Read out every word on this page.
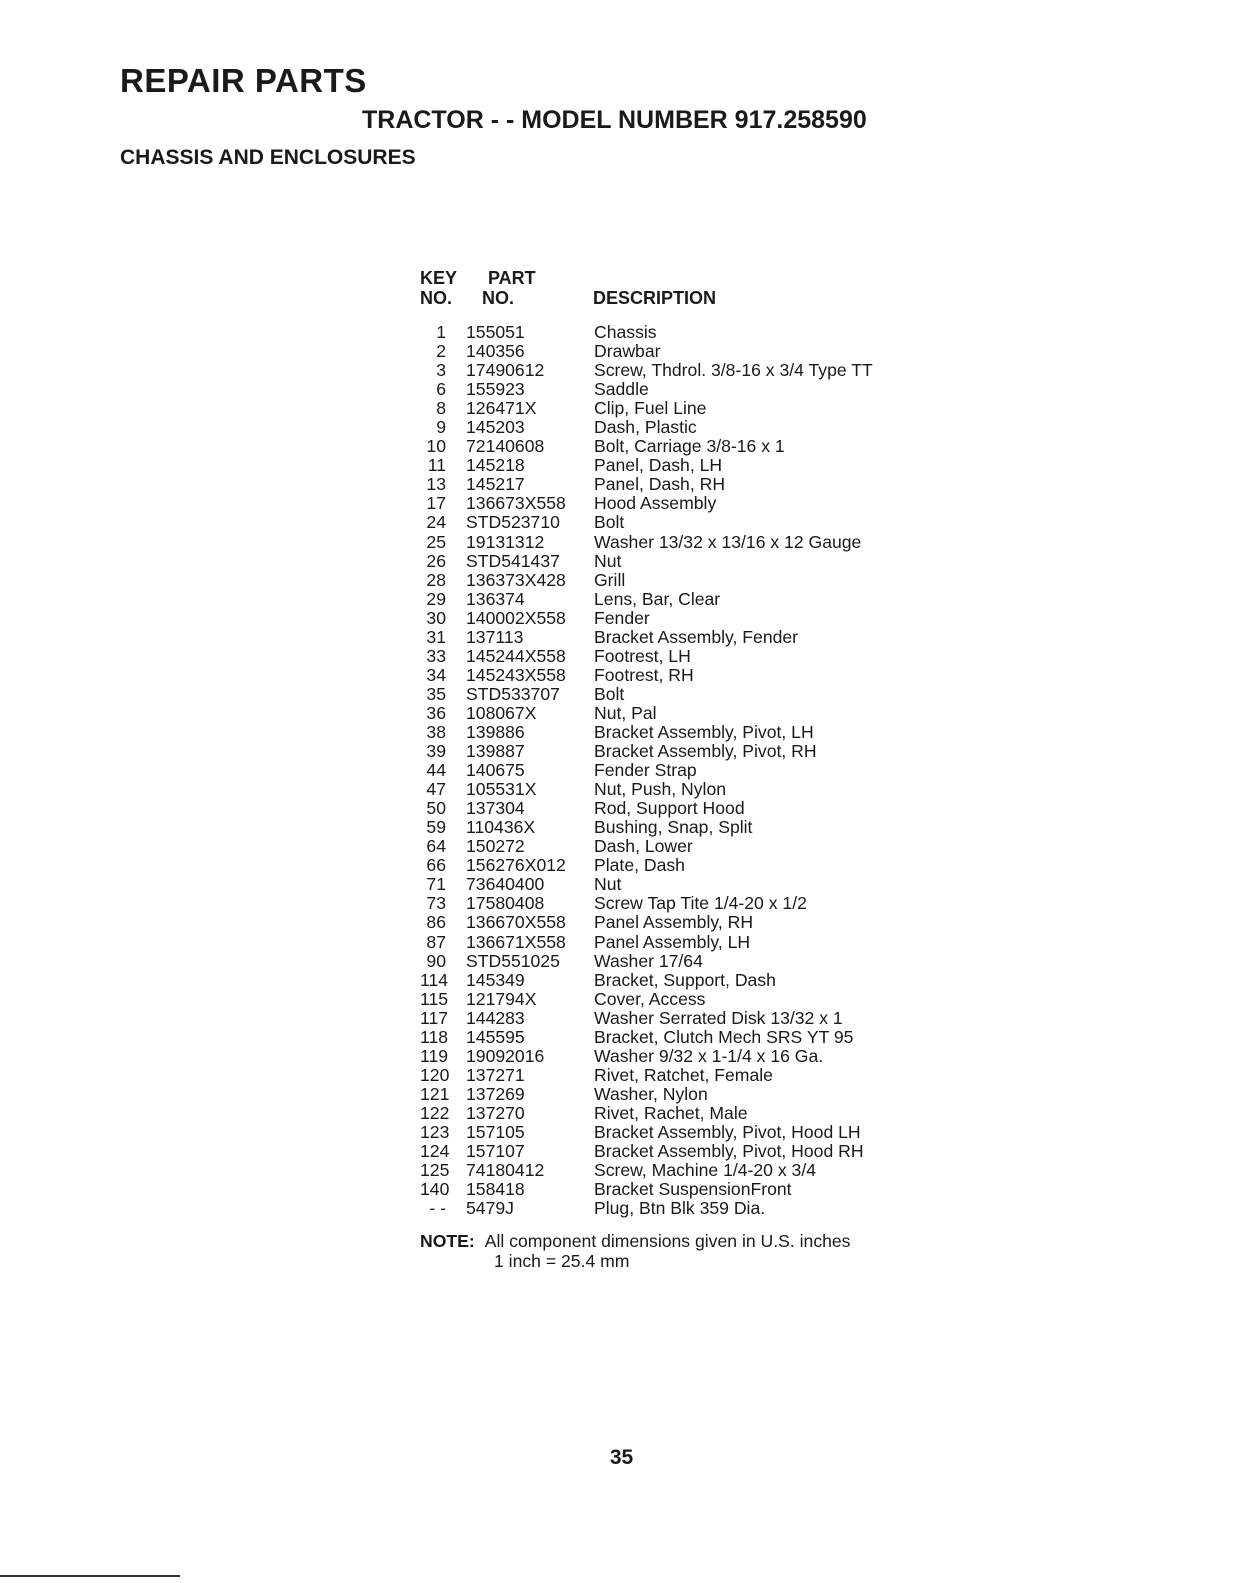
REPAIR PARTS
TRACTOR - - MODEL NUMBER 917.258590
CHASSIS AND ENCLOSURES
KEY
NO.
PART
NO.	DESCRIPTION
1 155051	Chassis
2 140356	Drawbar
3 17490612	Screw, Thdrol. 3/8-16 x 3/4 Type TT
6 155923	Saddle
8 126471X	Clip, Fuel Line
9 145203	Dash, Plastic
10 72140608	Bolt, Carriage 3/8-16 x 1
11 145218	Panel, Dash, LH
13 145217	Panel, Dash, RH
17 136673X558 Hood Assembly
24 STD523710 Bolt
25 19131312	Washer 13/32 x 13/16 x 12 Gauge
26 STD541437 Nut
28 136373X428 Grill
29 136374	Lens, Bar, Clear
30 140002X558 Fender
31 137113	Bracket Assembly, Fender
33 145244X558 Footrest, LH
34 145243X558 Footrest, RH
35 STD533707 Bolt
36 108067X	Nut, Pal
38 139886	Bracket Assembly, Pivot, LH
39 139887	Bracket Assembly, Pivot, RH
44 140675	Fender Strap
47 105531X	Nut, Push, Nylon
50 137304	Rod, Support Hood
59 110436X	Bushing, Snap, Split
64 150272	Dash, Lower
66 156276X012 Plate, Dash
71 73640400	Nut
73 17580408	Screw Tap Tite 1/4-20 x 1/2
86 136670X558 Panel Assembly, RH
87 136671X558 Panel Assembly, LH
90 STD551025 Washer 17/64
114 145349	Bracket, Support, Dash
115 121794X	Cover, Access
117 144283	Washer Serrated Disk 13/32 x 1
118 145595	Bracket, Clutch Mech SRS YT 95
119 19092016	Washer 9/32 x 1-1/4 x 16 Ga.
120 137271	Rivet, Ratchet, Female
121 137269	Washer, Nylon
122 137270	Rivet, Rachet, Male
123 157105	Bracket Assembly, Pivot, Hood LH
124 157107	Bracket Assembly, Pivot, Hood RH
125 74180412	Screw, Machine 1/4-20 x 3/4
140 158418	Bracket SuspensionFront
- - 5479J	Plug, Btn Blk 359 Dia.
NOTE: All component dimensions given in U.S. inches
1 inch = 25.4 mm
35
